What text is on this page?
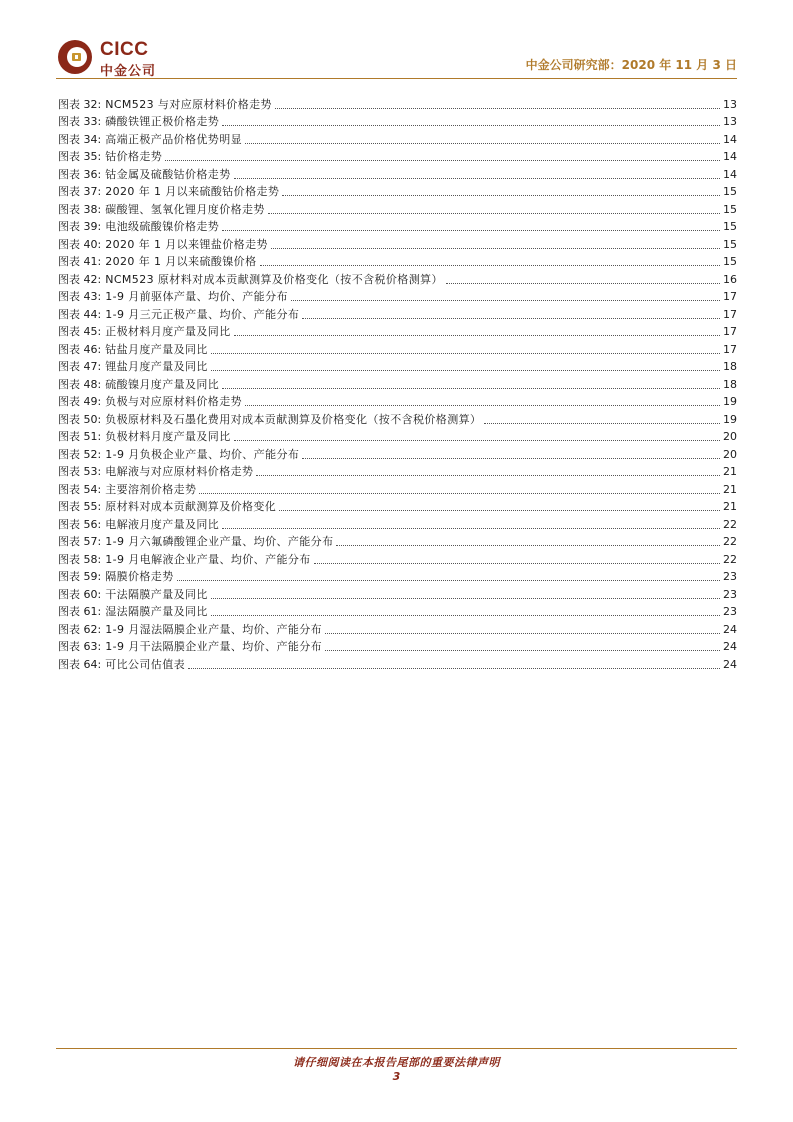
CICC
中金公司	中金公司研究部：2020 年 11 月 3 日
图表 32: NCM523 与对应原材料价格走势	13
图表 33: 磷酸铁锂正极价格走势	13
图表 34: 高端正极产品价格优势明显	14
图表 35: 钴价格走势	14
图表 36: 钴金属及硫酸钴价格走势	14
图表 37: 2020 年 1 月以来硫酸钴价格走势	15
图表 38: 碳酸锂、氢氧化锂月度价格走势	15
图表 39: 电池级硫酸镍价格走势	15
图表 40: 2020 年 1 月以来锂盐价格走势	15
图表 41: 2020 年 1 月以来硫酸镍价格	15
图表 42: NCM523 原材料对成本贡献测算及价格变化（按不含税价格测算）	16
图表 43: 1-9 月前驱体产量、均价、产能分布	17
图表 44: 1-9 月三元正极产量、均价、产能分布	17
图表 45: 正极材料月度产量及同比	17
图表 46: 钴盐月度产量及同比	17
图表 47: 锂盐月度产量及同比	18
图表 48: 硫酸镍月度产量及同比	18
图表 49: 负极与对应原材料价格走势	19
图表 50: 负极原材料及石墨化费用对成本贡献测算及价格变化（按不含税价格测算）	19
图表 51: 负极材料月度产量及同比	20
图表 52: 1-9 月负极企业产量、均价、产能分布	20
图表 53: 电解液与对应原材料价格走势	21
图表 54: 主要溶剂价格走势	21
图表 55: 原材料对成本贡献测算及价格变化	21
图表 56: 电解液月度产量及同比	22
图表 57: 1-9 月六氟磷酸锂企业产量、均价、产能分布	22
图表 58: 1-9 月电解液企业产量、均价、产能分布	22
图表 59: 隔膜价格走势	23
图表 60: 干法隔膜产量及同比	23
图表 61: 湿法隔膜产量及同比	23
图表 62: 1-9 月湿法隔膜企业产量、均价、产能分布	24
图表 63: 1-9 月干法隔膜企业产量、均价、产能分布	24
图表 64: 可比公司估值表	24
请仔细阅读在本报告尾部的重要法律声明
3
